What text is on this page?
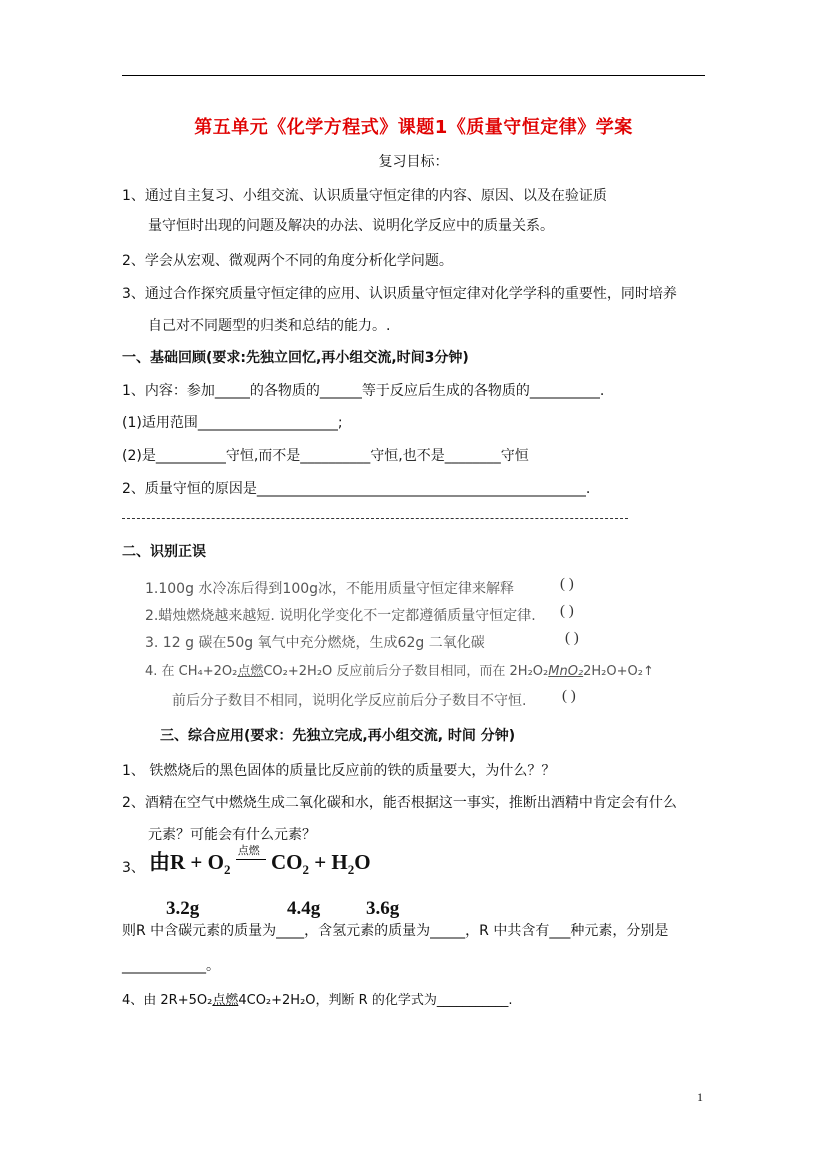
第五单元《化学方程式》课题1《质量守恒定律》学案
复习目标：
1、通过自主复习、小组交流、认识质量守恒定律的内容、原因、以及在验证质
量守恒时出现的问题及解决的办法、说明化学反应中的质量关系。
2、学会从宏观、微观两个不同的角度分析化学问题。
3、通过合作探究质量守恒定律的应用、认识质量守恒定律对化学学科的重要性，同时培养
自己对不同题型的归类和总结的能力。.
一、基础回顾(要求:先独立回忆,再小组交流,时间3分钟)
1、内容：参加_____的各物质的______等于反应后生成的各物质的__________.
(1)适用范围____________________;
(2)是__________守恒,而不是__________守恒,也不是________守恒
2、质量守恒的原因是_______________________________________________.
二、识别正误
1.100g 水冷冻后得到100g冰，不能用质量守恒定律来解释	( )
2.蜡烛燃烧越来越短. 说明化学变化不一定都遵循质量守恒定律. ( )
3. 12 g 碳在50g 氧气中充分燃烧，生成62g 二氧化碳	( )
4. 在 CH₄+2O₂点燃CO₂+2H₂O 反应前后分子数目相同，而在 2H₂O₂MnO₂2H₂O+O₂↑
前后分子数目不相同，说明化学反应前后分子数目不守恒. ( )
三、综合应用(要求：先独立完成,再小组交流, 时间 分钟)
1、 铁燃烧后的黑色固体的质量比反应前的铁的质量要大，为什么？？
2、酒精在空气中燃烧生成二氧化碳和水，能否根据这一事实，推断出酒精中肯定会有什么
元素？可能会有什么元素？
3、 由$R + O_2$
点燃 $CO_2 + H_2O$
3.2g	4.4g 3.6g
则R 中含碳元素的质量为____，含氢元素的质量为_____，R 中共含有___种元素，分别是
____________。
4、由 2R+5O₂点燃4CO₂+2H₂O，判断 R 的化学式为___________.
1
